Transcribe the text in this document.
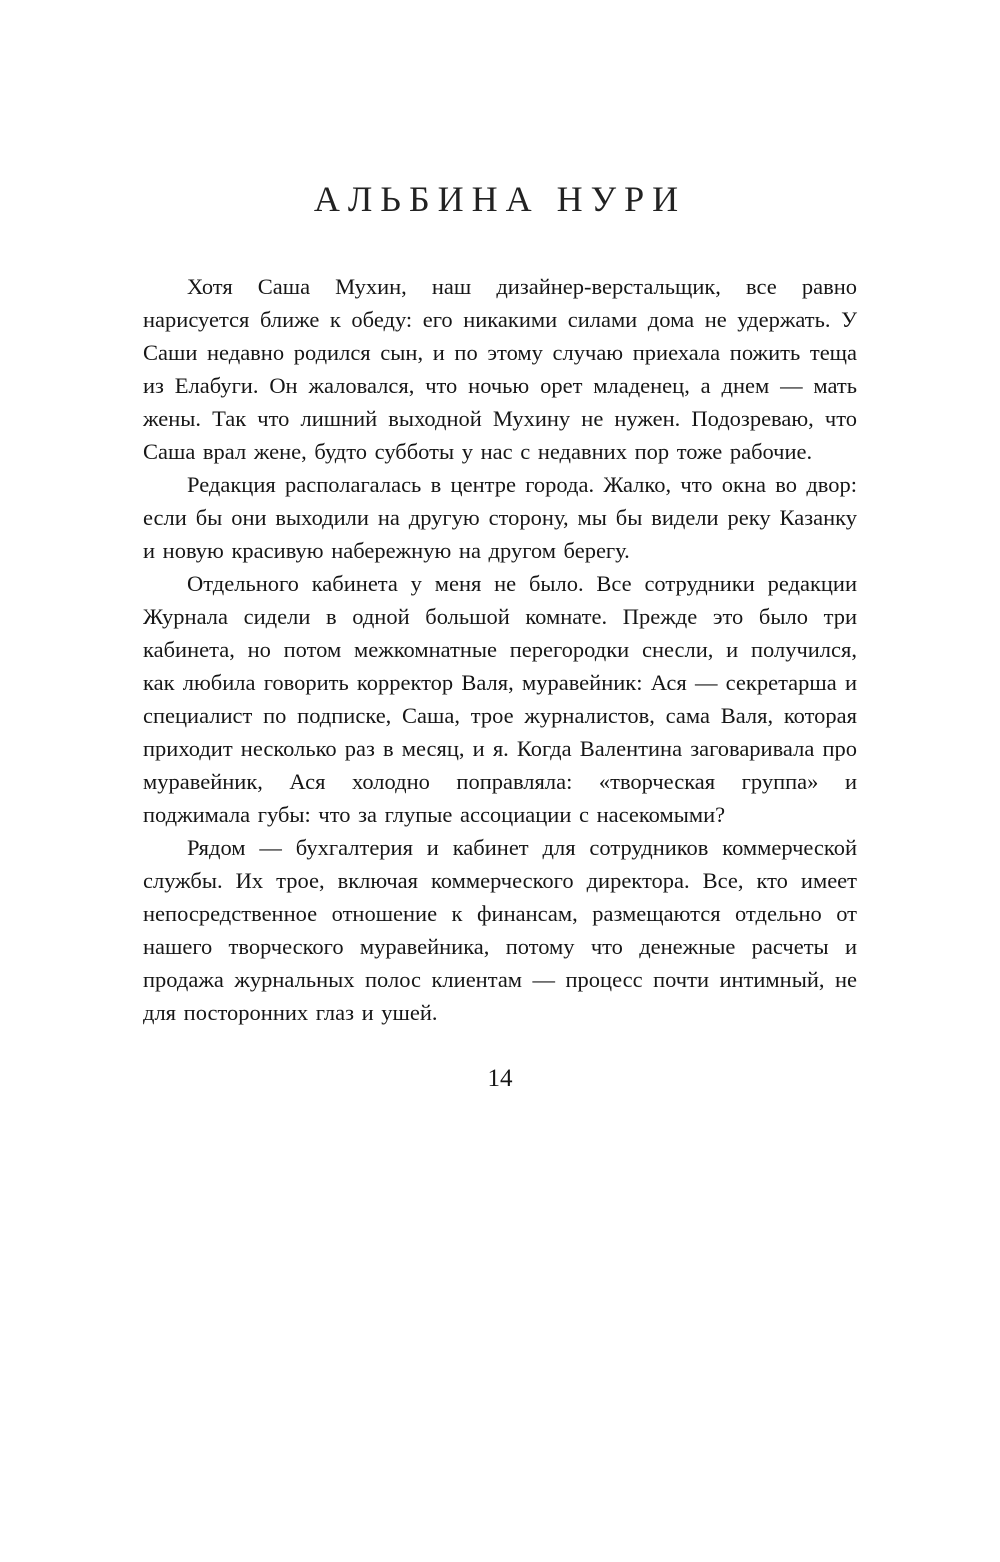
АЛЬБИНА НУРИ

Хотя Саша Мухин, наш дизайнер-верстальщик, все равно нарисуется ближе к обеду: его никакими силами дома не удержать. У Саши недавно родился сын, и по этому случаю приехала пожить теща из Елабуги. Он жаловался, что ночью орет младенец, а днем — мать жены. Так что лишний выходной Мухину не нужен. Подозреваю, что Саша врал жене, будто субботы у нас с недавних пор тоже рабочие.

Редакция располагалась в центре города. Жалко, что окна во двор: если бы они выходили на другую сторону, мы бы видели реку Казанку и новую красивую набережную на другом берегу.

Отдельного кабинета у меня не было. Все сотрудники редакции Журнала сидели в одной большой комнате. Прежде это было три кабинета, но потом межкомнатные перегородки снесли, и получился, как любила говорить корректор Валя, муравейник: Ася — секретарша и специалист по подписке, Саша, трое журналистов, сама Валя, которая приходит несколько раз в месяц, и я. Когда Валентина заговаривала про муравейник, Ася холодно поправляла: «творческая группа» и поджимала губы: что за глупые ассоциации с насекомыми?

Рядом — бухгалтерия и кабинет для сотрудников коммерческой службы. Их трое, включая коммерческого директора. Все, кто имеет непосредственное отношение к финансам, размещаются отдельно от нашего творческого муравейника, потому что денежные расчеты и продажа журнальных полос клиентам — процесс почти интимный, не для посторонних глаз и ушей.

14
